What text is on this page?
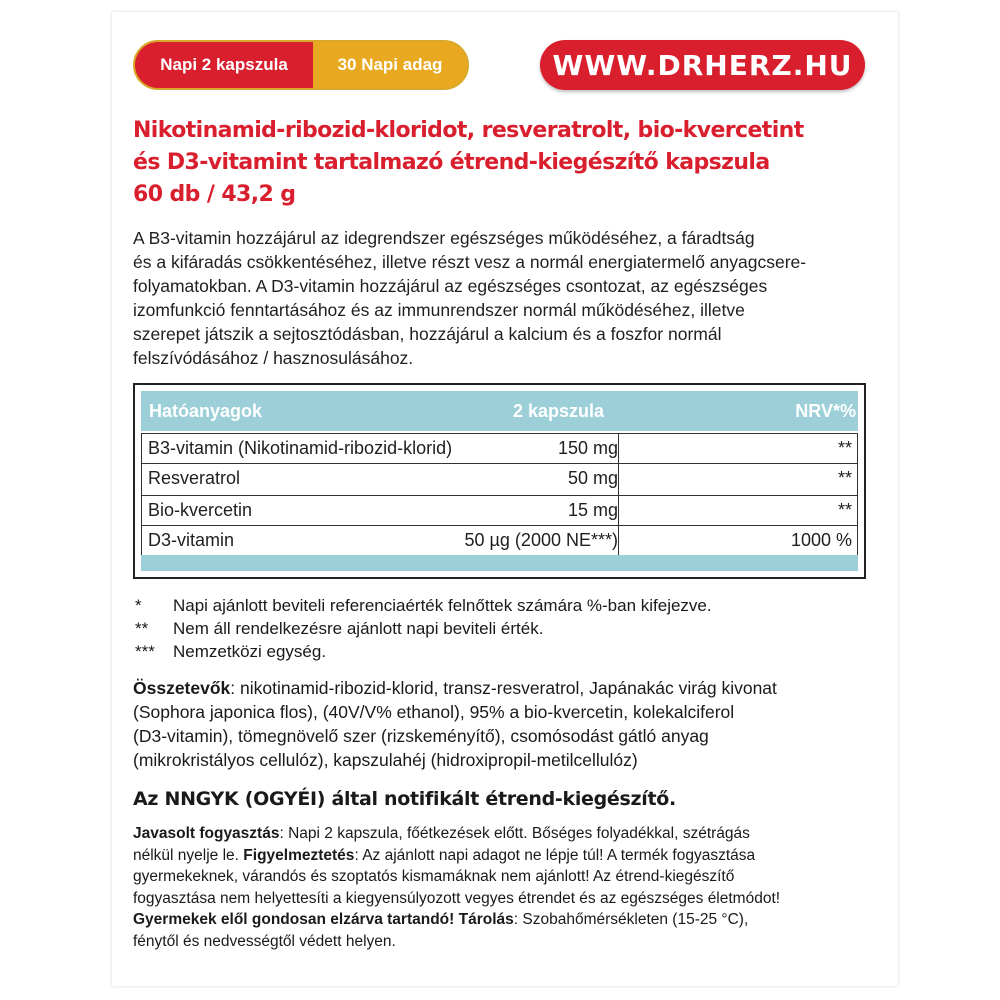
Napi 2 kapszula	30 Napi adag	WWW.DRHERZ.HU
Nikotinamid-ribozid-kloridot, resveratrolt, bio-kvercetint
és D3-vitamint tartalmazó étrend-kiegészítő kapszula
60 db / 43,2 g
A B3-vitamin hozzájárul az idegrendszer egészséges működéséhez, a fáradtság
és a kifáradás csökkentéséhez, illetve részt vesz a normál energiatermelő anyagcsere-
folyamatokban. A D3-vitamin hozzájárul az egészséges csontozat, az egészséges
izomfunkció fenntartásához és az immunrendszer normál működéséhez, illetve
szerepet játszik a sejtosztódásban, hozzájárul a kalcium és a foszfor normál
felszívódásához / hasznosulásához.
Hatóanyagok	2 kapszula	NRV*%
B3-vitamin (Nikotinamid-ribozid-klorid)	150 mg	**
Resveratrol	50 mg	**
Bio-kvercetin	15 mg	**
D3-vitamin	50 µg (2000 NE***)	1000 %
* Napi ajánlott beviteli referenciaérték felnőttek számára %-ban kifejezve.
** Nem áll rendelkezésre ajánlott napi beviteli érték.
*** Nemzetközi egység.
Összetevők: nikotinamid-ribozid-klorid, transz-resveratrol, Japánakác virág kivonat
(Sophora japonica flos), (40V/V% ethanol), 95% a bio-kvercetin, kolekalciferol
(D3-vitamin), tömegnövelő szer (rizskeményítő), csomósodást gátló anyag
(mikrokristályos cellulóz), kapszulahéj (hidroxipropil-metilcellulóz)
Az NNGYK (OGYÉI) által notifikált étrend-kiegészítő.
Javasolt fogyasztás: Napi 2 kapszula, főétkezések előtt. Bőséges folyadékkal, szétrágás
nélkül nyelje le. Figyelmeztetés: Az ajánlott napi adagot ne lépje túl! A termék fogyasztása
gyermekeknek, várandós és szoptatós kismamáknak nem ajánlott! Az étrend-kiegészítő
fogyasztása nem helyettesíti a kiegyensúlyozott vegyes étrendet és az egészséges életmódot!
Gyermekek elől gondosan elzárva tartandó! Tárolás: Szobahőmérsékleten (15-25 °C),
fénytől és nedvességtől védett helyen.
